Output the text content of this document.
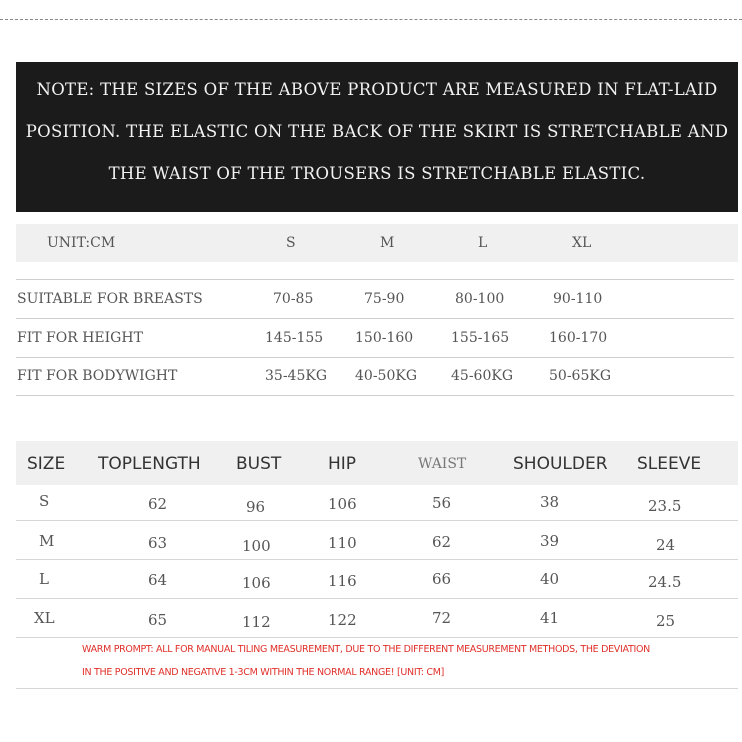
NOTE: THE SIZES OF THE ABOVE PRODUCT ARE MEASURED IN FLAT-LAID
POSITION. THE ELASTIC ON THE BACK OF THE SKIRT IS STRETCHABLE AND
THE WAIST OF THE TROUSERS IS STRETCHABLE ELASTIC.
UNIT:CM	S	M	L	XL
SUITABLE FOR BREASTS	70-85	75-90	80-100	90-110
FIT FOR HEIGHT	145-155 150-160	155-165	160-170
FIT FOR BODYWIGHT	35-45KG 40-50KG 45-60KG	50-65KG
SIZE TOPLENGTH BUST	HIP	WAIST	SHOULDER SLEEVE
S	62	96	106	56	38	23.5
M	63	100	110	62	39	24
L	64	106	116	66	40	24.5
XL	65	112	122	72	41	25
WARM PROMPT: ALL FOR MANUAL TILING MEASUREMENT, DUE TO THE DIFFERENT MEASUREMENT METHODS, THE DEVIATION
IN THE POSITIVE AND NEGATIVE 1-3CM WITHIN THE NORMAL RANGE! [UNIT: CM]
